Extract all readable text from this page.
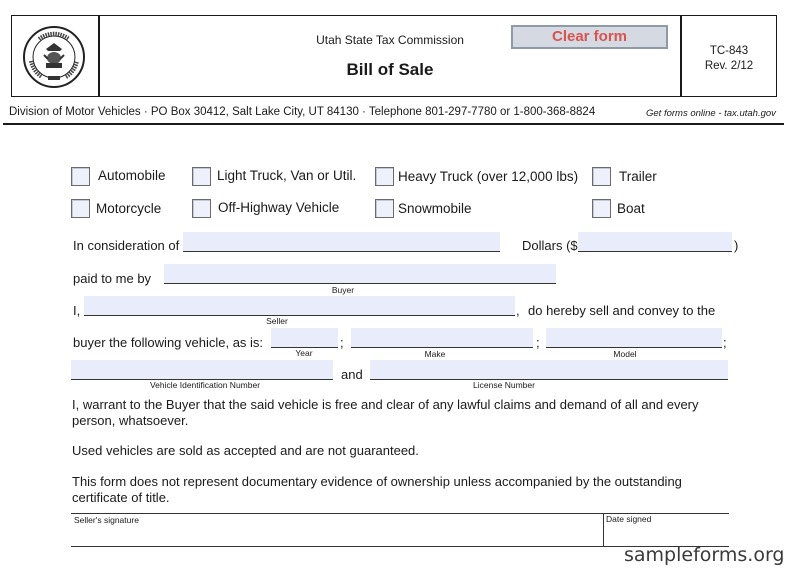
Utah State Tax Commission
Bill of Sale
Clear form
TC-843
Rev. 2/12
Division of Motor Vehicles · PO Box 30412, Salt Lake City, UT 84130 · Telephone 801-297-7780 or 1-800-368-8824	Get forms online - tax.utah.gov
Automobile	Light Truck, Van or Util.	Heavy Truck (over 12,000 lbs)	Trailer
Motorcycle	Off-Highway Vehicle	Snowmobile	Boat
In consideration of	Dollars ($	)
paid to me by
Buyer
I,	, do hereby sell and convey to the
Seller
buyer the following vehicle, as is:	;	;	;
Year	Make	Model
and
Vehicle Identification Number	License Number
I, warrant to the Buyer that the said vehicle is free and clear of any lawful claims and demand of all and every person, whatsoever.
Used vehicles are sold as accepted and are not guaranteed.
This form does not represent documentary evidence of ownership unless accompanied by the outstanding certificate of title.
Seller's signature	Date signed
sampleforms.org
